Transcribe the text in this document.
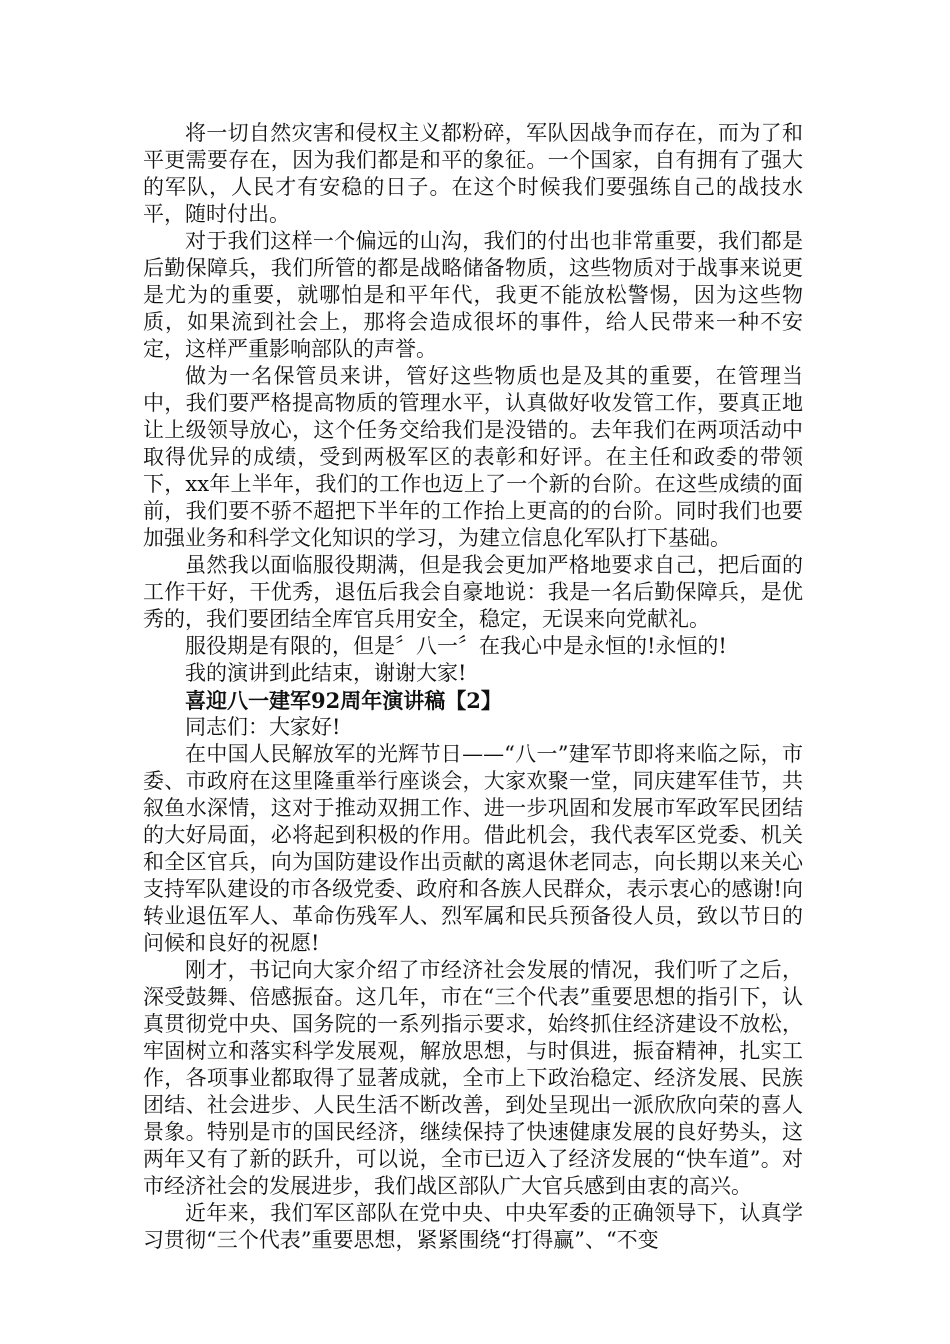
将一切自然灾害和侵权主义都粉碎，军队因战争而存在，而为了和平更需要存在，因为我们都是和平的象征。一个国家，自有拥有了强大的军队，人民才有安稳的日子。在这个时候我们要强练自己的战技水平，随时付出。

对于我们这样一个偏远的山沟，我们的付出也非常重要，我们都是后勤保障兵，我们所管的都是战略储备物质，这些物质对于战事来说更是尤为的重要，就哪怕是和平年代，我更不能放松警惕，因为这些物质，如果流到社会上，那将会造成很坏的事件，给人民带来一种不安定，这样严重影响部队的声誉。

做为一名保管员来讲，管好这些物质也是及其的重要，在管理当中，我们要严格提高物质的管理水平，认真做好收发管工作，要真正地让上级领导放心，这个任务交给我们是没错的。去年我们在两项活动中取得优异的成绩，受到两极军区的表彰和好评。在主任和政委的带领下，xx年上半年，我们的工作也迈上了一个新的台阶。在这些成绩的面前，我们要不骄不超把下半年的工作抬上更高的的台阶。同时我们也要加强业务和科学文化知识的学习，为建立信息化军队打下基础。

虽然我以面临服役期满，但是我会更加严格地要求自己，把后面的工作干好，干优秀，退伍后我会自豪地说：我是一名后勤保障兵，是优秀的，我们要团结全库官兵用安全，稳定，无误来向党献礼。

服役期是有限的，但是〞八一〞在我心中是永恒的!永恒的!

我的演讲到此结束，谢谢大家!

喜迎八一建军92周年演讲稿【2】

同志们：大家好!

在中国人民解放军的光辉节日——“八一”建军节即将来临之际，市委、市政府在这里隆重举行座谈会，大家欢聚一堂，同庆建军佳节，共叙鱼水深情，这对于推动双拥工作、进一步巩固和发展市军政军民团结的大好局面，必将起到积极的作用。借此机会，我代表军区党委、机关和全区官兵，向为国防建设作出贡献的离退休老同志，向长期以来关心支持军队建设的市各级党委、政府和各族人民群众，表示衷心的感谢!向转业退伍军人、革命伤残军人、烈军属和民兵预备役人员，致以节日的问候和良好的祝愿!

刚才，书记向大家介绍了市经济社会发展的情况，我们听了之后，深受鼓舞、倍感振奋。这几年，市在“三个代表”重要思想的指引下，认真贯彻党中央、国务院的一系列指示要求，始终抓住经济建设不放松，牢固树立和落实科学发展观，解放思想，与时俱进，振奋精神，扎实工作，各项事业都取得了显著成就，全市上下政治稳定、经济发展、民族团结、社会进步、人民生活不断改善，到处呈现出一派欣欣向荣的喜人景象。特别是市的国民经济，继续保持了快速健康发展的良好势头，这两年又有了新的跃升，可以说，全市已迈入了经济发展的“快车道”。对市经济社会的发展进步，我们战区部队广大官兵感到由衷的高兴。

近年来，我们军区部队在党中央、中央军委的正确领导下，认真学习贯彻“三个代表”重要思想，紧紧围绕“打得赢”、“不变
